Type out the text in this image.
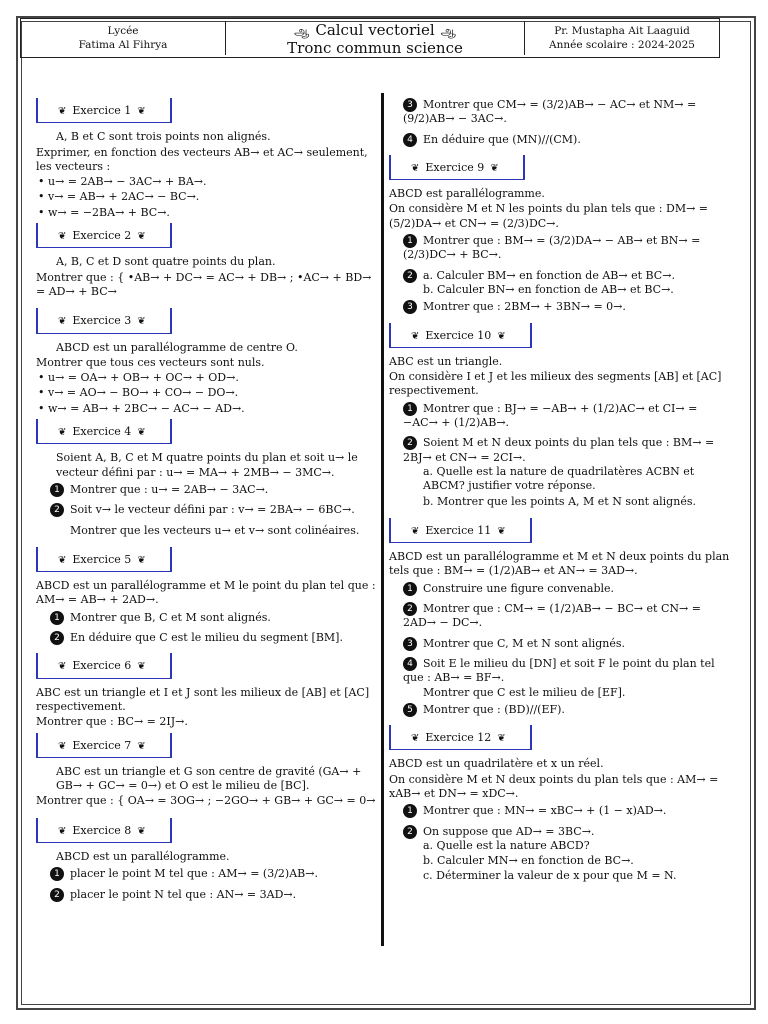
Lycée
Fatima Al Fihrya
ஆ Calcul vectoriel ஆ
Tronc commun science
Pr. Mustapha Ait Laaguid
Année scolaire : 2024-2025
❦ Exercice 1 ❦

A, B et C sont trois points non alignés.

Exprimer, en fonction des vecteurs AB→ et AC→ seulement, les vecteurs :

• u→ = 2AB→ − 3AC→ + BA→.

• v→ = AB→ + 2AC→ − BC→.

• w→ = −2BA→ + BC→.

❦ Exercice 2 ❦

A, B, C et D sont quatre points du plan.

Montrer que : { •AB→ + DC→ = AC→ + DB→ ; •AC→ + BD→ = AD→ + BC→

❦ Exercice 3 ❦

ABCD est un parallélogramme de centre O.

Montrer que tous ces vecteurs sont nuls.

• u→ = OA→ + OB→ + OC→ + OD→.

• v→ = AO→ − BO→ + CO→ − DO→.

• w→ = AB→ + 2BC→ − AC→ − AD→.

❦ Exercice 4 ❦

Soient A, B, C et M quatre points du plan et soit u→ le vecteur défini par : u→ = MA→ + 2MB→ − 3MC→.

1 Montrer que : u→ = 2AB→ − 3AC→.

2 Soit v→ le vecteur défini par : v→ = 2BA→ − 6BC→.

Montrer que les vecteurs u→ et v→ sont colinéaires.

❦ Exercice 5 ❦

ABCD est un parallélogramme et M le point du plan tel que : AM→ = AB→ + 2AD→.

1 Montrer que B, C et M sont alignés.

2 En déduire que C est le milieu du segment [BM].

❦ Exercice 6 ❦

ABC est un triangle et I et J sont les milieux de [AB] et [AC] respectivement.

Montrer que : BC→ = 2IJ→.

❦ Exercice 7 ❦

ABC est un triangle et G son centre de gravité (GA→ + GB→ + GC→ = 0→) et O est le milieu de [BC].

Montrer que : { OA→ = 3OG→ ; −2GO→ + GB→ + GC→ = 0→

❦ Exercice 8 ❦

ABCD est un parallélogramme.

1 placer le point M tel que : AM→ = (3/2)AB→.

2 placer le point N tel que : AN→ = 3AD→.

3 Montrer que CM→ = (3/2)AB→ − AC→ et NM→ = (9/2)AB→ − 3AC→.

4 En déduire que (MN)//(CM).

❦ Exercice 9 ❦

ABCD est parallélogramme.

On considère M et N les points du plan tels que : DM→ = (5/2)DA→ et CN→ = (2/3)DC→.

1 Montrer que : BM→ = (3/2)DA→ − AB→ et BN→ = (2/3)DC→ + BC→.

2 a. Calculer BM→ en fonction de AB→ et BC→.

b. Calculer BN→ en fonction de AB→ et BC→.

3 Montrer que : 2BM→ + 3BN→ = 0→.

❦ Exercice 10 ❦

ABC est un triangle.

On considère I et J et les milieux des segments [AB] et [AC] respectivement.

1 Montrer que : BJ→ = −AB→ + (1/2)AC→ et CI→ = −AC→ + (1/2)AB→.

2 Soient M et N deux points du plan tels que : BM→ = 2BJ→ et CN→ = 2CI→.

a. Quelle est la nature de quadrilatères ACBN et ABCM? justifier votre réponse.

b. Montrer que les points A, M et N sont alignés.

❦ Exercice 11 ❦

ABCD est un parallélogramme et M et N deux points du plan tels que : BM→ = (1/2)AB→ et AN→ = 3AD→.

1 Construire une figure convenable.

2 Montrer que : CM→ = (1/2)AB→ − BC→ et CN→ = 2AD→ − DC→.

3 Montrer que C, M et N sont alignés.

4 Soit E le milieu du [DN] et soit F le point du plan tel que : AB→ = BF→.

Montrer que C est le milieu de [EF].

5 Montrer que : (BD)//(EF).

❦ Exercice 12 ❦

ABCD est un quadrilatère et x un réel.

On considère M et N deux points du plan tels que : AM→ = xAB→ et DN→ = xDC→.

1 Montrer que : MN→ = xBC→ + (1 − x)AD→.

2 On suppose que AD→ = 3BC→.

a. Quelle est la nature ABCD?

b. Calculer MN→ en fonction de BC→.

c. Déterminer la valeur de x pour que M = N.
